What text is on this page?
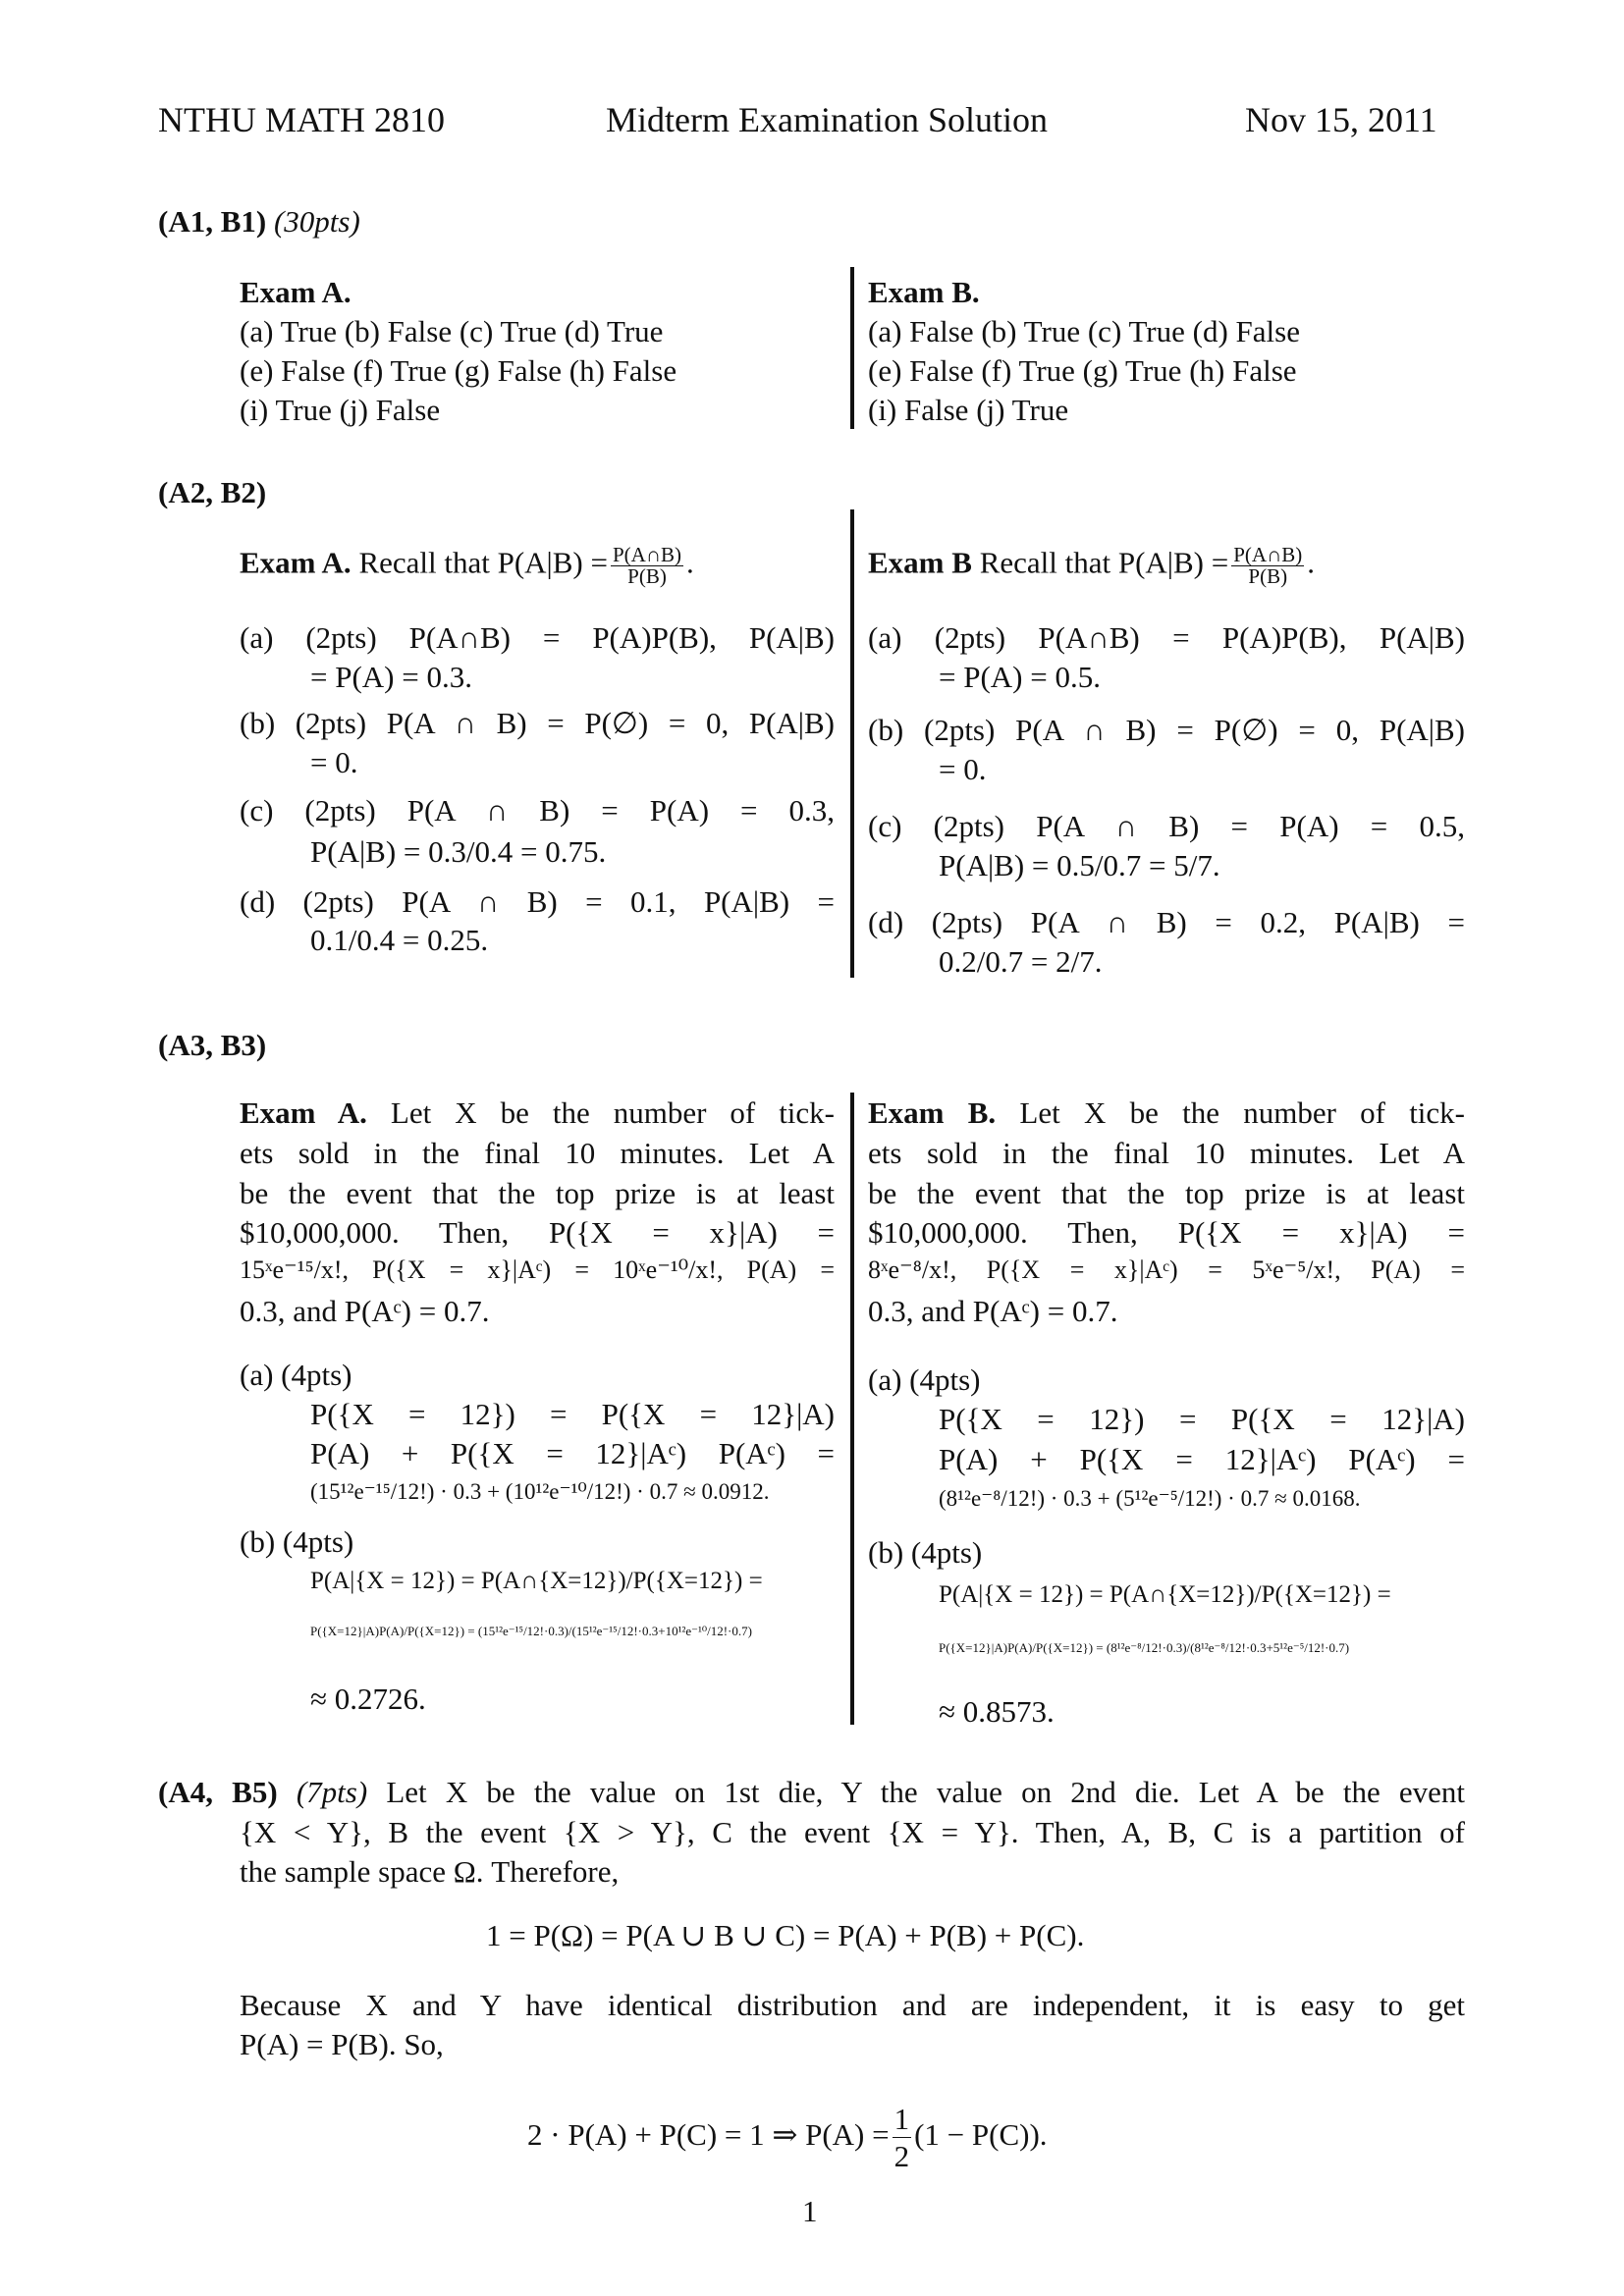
NTHU MATH 2810	Midterm Examination Solution	Nov 15, 2011
(A1, B1) (30pts)
Exam A.
(a) True (b) False (c) True (d) True
(e) False (f) True (g) False (h) False
(i) True (j) False
Exam B.
(a) False (b) True (c) True (d) False
(e) False (f) True (g) True (h) False
(i) False (j) True
(A2, B2)
Exam A. Recall that $P(A|B) = \frac{P(A\cap B)}{P(B)}$ .
(a) (2pts) P(A∩B) = P(A)P(B), P(A|B)
= P(A) = 0.3.
(b) (2pts) P(A ∩ B) = P(∅) = 0, P(A|B)
= 0.
(c) (2pts) P(A ∩ B) = P(A) = 0.3,
P(A|B) = 0.3/0.4 = 0.75.
(d) (2pts) P(A ∩ B) = 0.1, P(A|B) =
0.1/0.4 = 0.25.
Exam B Recall that $P(A|B) = \frac{P(A\cap B)}{P(B)}$ .
(a) (2pts) P(A∩B) = P(A)P(B), P(A|B)
= P(A) = 0.5.
(b) (2pts) P(A ∩ B) = P(∅) = 0, P(A|B)
= 0.
(c) (2pts) P(A ∩ B) = P(A) = 0.5,
P(A|B) = 0.5/0.7 = 5/7.
(d) (2pts) P(A ∩ B) = 0.2, P(A|B) =
0.2/0.7 = 2/7.
(A3, B3)
Exam A. Let X be the number of tick-
ets sold in the final 10 minutes. Let A
be the event that the top prize is at least
$10,000,000. Then, P({X = x}|A) =
15ˣe⁻¹⁵/x!, P({X = x}|Aᶜ) = 10ˣe⁻¹⁰/x!, P(A) =
0.3, and P(Aᶜ) = 0.7.
(a) (4pts)
P({X = 12}) = P({X = 12}|A)
P(A) + P({X = 12}|Aᶜ) P(Aᶜ) =
(15¹²e⁻¹⁵/12!) · 0.3 + (10¹²e⁻¹⁰/12!) · 0.7 ≈ 0.0912.
(b) (4pts)
P(A|{X = 12}) = P(A∩{X=12})/P({X=12}) =
P({X=12}|A)P(A)/P({X=12}) = (15¹²e⁻¹⁵/12!·0.3)/(15¹²e⁻¹⁵/12!·0.3+10¹²e⁻¹⁰/12!·0.7)
≈ 0.2726.
Exam B. Let X be the number of tick-
ets sold in the final 10 minutes. Let A
be the event that the top prize is at least
$10,000,000. Then, P({X = x}|A) =
8ˣe⁻⁸/x!, P({X = x}|Aᶜ) = 5ˣe⁻⁵/x!, P(A) =
0.3, and P(Aᶜ) = 0.7.
(a) (4pts)
P({X = 12}) = P({X = 12}|A)
P(A) + P({X = 12}|Aᶜ) P(Aᶜ) =
(8¹²e⁻⁸/12!) · 0.3 + (5¹²e⁻⁵/12!) · 0.7 ≈ 0.0168.
(b) (4pts)
P(A|{X = 12}) = P(A∩{X=12})/P({X=12}) =
P({X=12}|A)P(A)/P({X=12}) = (8¹²e⁻⁸/12!·0.3)/(8¹²e⁻⁸/12!·0.3+5¹²e⁻⁵/12!·0.7)
≈ 0.8573.
(A4, B5) (7pts) Let X be the value on 1st die, Y the value on 2nd die. Let A be the event
{X < Y}, B the event {X > Y}, C the event {X = Y}. Then, A, B, C is a partition of
the sample space Ω. Therefore,
1 = P(Ω) = P(A ∪ B ∪ C) = P(A) + P(B) + P(C).
Because X and Y have identical distribution and are independent, it is easy to get
P(A) = P(B). So,
2 · P(A) + P(C) = 1 ⇒ $P(A) = \frac{1}{2} (1 - P(C))$.
1
